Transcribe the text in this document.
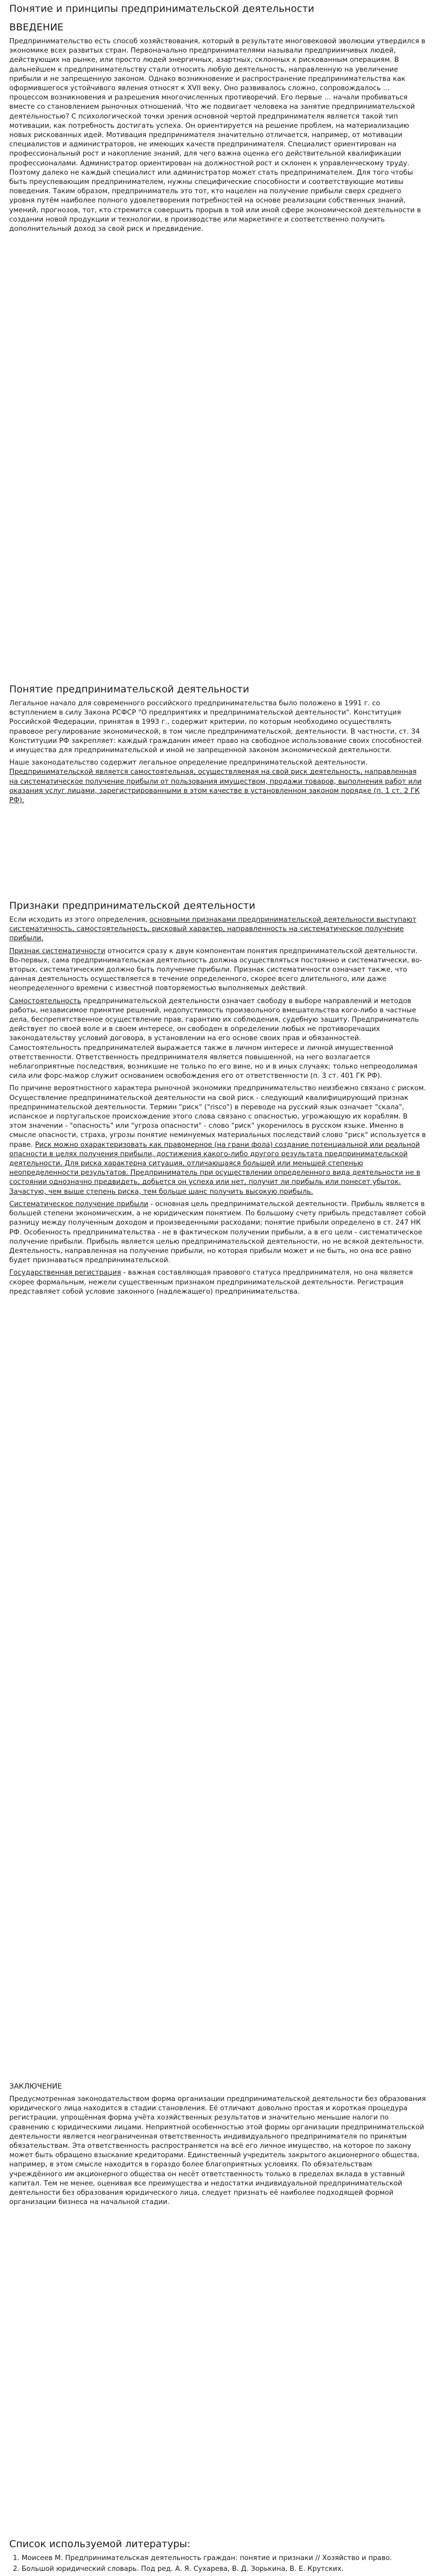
Понятие и принципы предпринимательской деятельности
ВВЕДЕНИЕ

Предпринимательство есть способ хозяйствования, который в результате многовековой эволюции утвердился в экономике всех развитых стран. Первоначально предпринимателями называли предприимчивых людей, действующих на рынке, или просто людей энергичных, азартных, склонных к рискованным операциям. В дальнейшем к предпринимательству стали относить любую деятельность, направленную на увеличение прибыли и не запрещенную законом. Однако возникновение и распространение предпринимательства как оформившегося устойчивого явления относят к XVII веку. Оно развивалось сложно, сопровождалось … процессом возникновения и разрешения многочисленных противоречий. Его первые … начали пробиваться вместе со становлением рыночных отношений. Что же подвигает человека на занятие предпринимательской деятельностью? С психологической точки зрения основной чертой предпринимателя является такой тип мотивации, как потребность достигать успеха. Он ориентируется на решение проблем, на материализацию новых рискованных идей. Мотивация предпринимателя значительно отличается, например, от мотивации специалистов и администраторов, не имеющих качеств предпринимателя. Специалист ориентирован на профессиональный рост и накопление знаний, для чего важна оценка его действительной квалификации профессионалами. Администратор ориентирован на должностной рост и склонен к управленческому труду. Поэтому далеко не каждый специалист или администратор может стать предпринимателем. Для того чтобы быть преуспевающим предпринимателем, нужны специфические способности и соответствующие мотивы поведения. Таким образом, предприниматель это тот, кто нацелен на получение прибыли сверх среднего уровня путём наиболее полного удовлетворения потребностей на основе реализации собственных знаний, умений, прогнозов, тот, кто стремится совершить прорыв в той или иной сфере экономической деятельности в создании новой продукции и технологии, в производстве или маркетинге и соответственно получить дополнительный доход за свой риск и предвидение.

Понятие предпринимательской деятельности

Легальное начало для современного российского предпринимательства было положено в 1991 г. со вступлением в силу Закона РСФСР "О предприятиях и предпринимательской деятельности". Конституция Российской Федерации, принятая в 1993 г., содержит критерии, по которым необходимо осуществлять правовое регулирование экономической, в том числе предпринимательской, деятельности. В частности, ст. 34 Конституции РФ закрепляет: каждый гражданин имеет право на свободное использование своих способностей и имущества для предпринимательской и иной не запрещенной законом экономической деятельности.

Наше законодательство содержит легальное определение предпринимательской деятельности. Предпринимательской является самостоятельная, осуществляемая на свой риск деятельность, направленная на систематическое получение прибыли от пользования имуществом, продажи товаров, выполнения работ или оказания услуг лицами, зарегистрированными в этом качестве в установленном законом порядке (п. 1 ст. 2 ГК РФ).

Признаки предпринимательской деятельности

Если исходить из этого определения, основными признаками предпринимательской деятельности выступают систематичность, самостоятельность, рисковый характер, направленность на систематическое получение прибыли.

Признак систематичности относится сразу к двум компонентам понятия предпринимательской деятельности. Во-первых, сама предпринимательская деятельность должна осуществляться постоянно и систематически, во-вторых, систематическим должно быть получение прибыли. Признак систематичности означает также, что данная деятельность осуществляется в течение определенного, скорее всего длительного, или даже неопределенного времени с известной повторяемостью выполняемых действий.

Самостоятельность предпринимательской деятельности означает свободу в выборе направлений и методов работы, независимое принятие решений, недопустимость произвольного вмешательства кого-либо в частные дела, беспрепятственное осуществление прав, гарантию их соблюдения, судебную защиту. Предприниматель действует по своей воле и в своем интересе, он свободен в определении любых не противоречащих законодательству условий договора, в установлении на его основе своих прав и обязанностей. Самостоятельность предпринимателей выражается также в личном интересе и личной имущественной ответственности. Ответственность предпринимателя является повышенной, на него возлагается неблагоприятные последствия, возникшие не только по его вине, но и в иных случаях; только непреодолимая сила или форс-мажор служит основанием освобождения его от ответственности (п. 3 ст. 401 ГК РФ).

По причине вероятностного характера рыночной экономики предпринимательство неизбежно связано с риском. Осуществление предпринимательской деятельности на свой риск - следующий квалифицирующий признак предпринимательской деятельности. Термин "риск" ("risco") в переводе на русский язык означает "скала", испанское и португальское происхождение этого слова связано с опасностью, угрожающую их кораблям. В этом значении - "опасность" или "угроза опасности" - слово "риск" укоренилось в русском языке. Именно в смысле опасности, страха, угрозы понятие неминуемых материальных последствий слово "риск" используется в праве. Риск можно охарактеризовать как правомерное (на грани фола) создание потенциальной или реальной опасности в целях получения прибыли, достижения какого-либо другого результата предпринимательской деятельности. Для риска характерна ситуация, отличающаяся большей или меньшей степенью неопределенности результатов. Предприниматель при осуществлении определенного вида деятельности не в состоянии однозначно предвидеть, добьется он успеха или нет, получит ли прибыль или понесет убыток. Зачастую, чем выше степень риска, тем больше шанс получить высокую прибыль.

Систематическое получение прибыли - основная цель предпринимательской деятельности. Прибыль является в большей степени экономическим, а не юридическим понятием. По большому счету прибыль представляет собой разницу между полученным доходом и произведенными расходами; понятие прибыли определено в ст. 247 НК РФ. Особенность предпринимательства - не в фактическом получении прибыли, а в его цели - систематическое получение прибыли. Прибыль является целью предпринимательской деятельности, но не всякой деятельности. Деятельность, направленная на получение прибыли, но которая прибыли может и не быть, но она все равно будет признаваться предпринимательской.

Государственная регистрация - важная составляющая правового статуса предпринимателя, но она является скорее формальным, нежели существенным признаком предпринимательской деятельности. Регистрация представляет собой условие законного (надлежащего) предпринимательства.

ЗАКЛЮЧЕНИЕ

Предусмотренная законодательством форма организации предпринимательской деятельности без образования юридического лица находится в стадии становления. Её отличают довольно простая и короткая процедура регистрации, упрощённая форма учёта хозяйственных результатов и значительно меньшие налоги по сравнению с юридическими лицами. Неприятной особенностью этой формы организации предпринимательской деятельности является неограниченная ответственность индивидуального предпринимателя по принятым обязательствам. Эта ответственность распространяется на всё его личное имущество, на которое по закону может быть обращено взыскание кредиторами. Единственный учредитель закрытого акционерного общества, например, в этом смысле находится в гораздо более благоприятных условиях. По обязательствам учреждённого им акционерного общества он несёт ответственность только в пределах вклада в уставный капитал. Тем не менее, оценивая все преимущества и недостатки индивидуальной предпринимательской деятельности без образования юридического лица, следует признать её наиболее подходящей формой организации бизнеса на начальной стадии.

Список используемой литературы:
1. Моисеев М. Предпринимательская деятельность граждан: понятие и признаки // Хозяйство и право.
2. Большой юридический словарь. Под ред. А. Я. Сухарева, В. Д. Зорькина, В. Е. Крутских.
